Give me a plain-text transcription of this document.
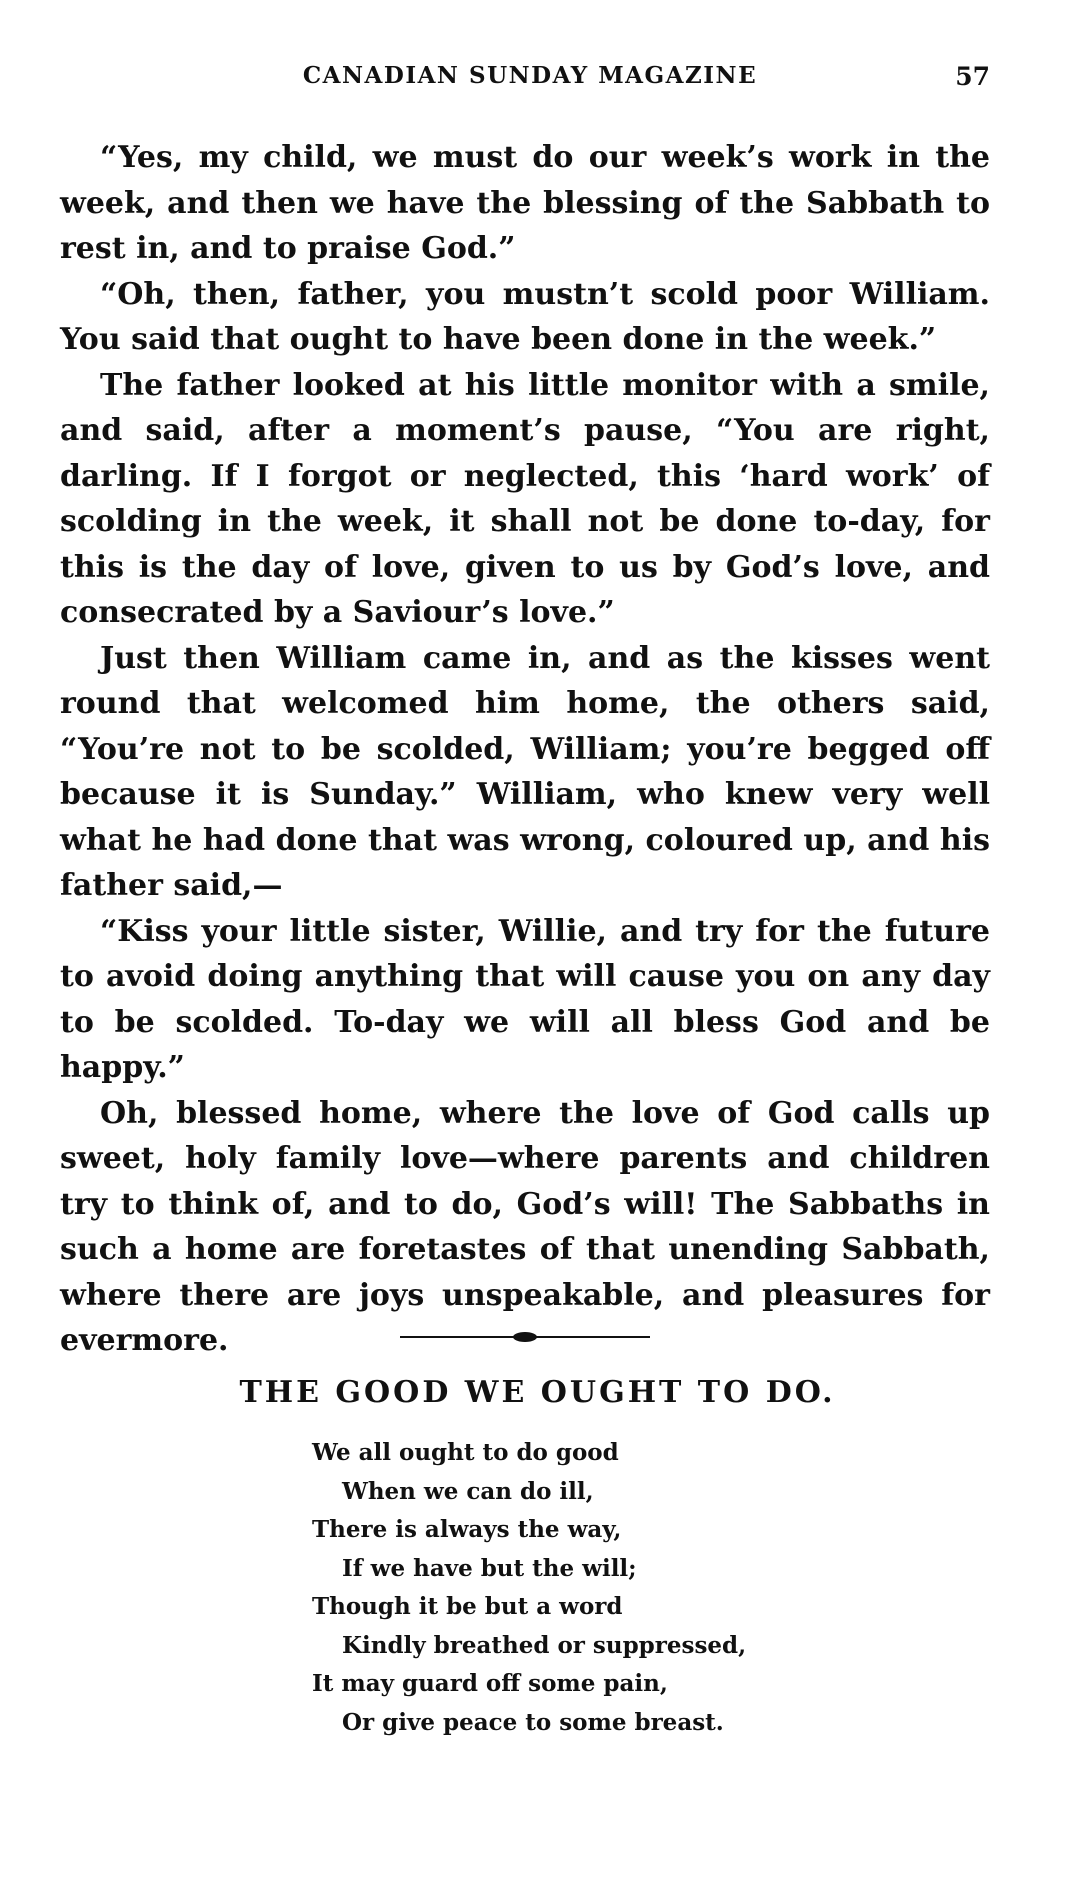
CANADIAN SUNDAY MAGAZINE	57

“Yes, my child, we must do our week’s work in the week, and then we have the blessing of the Sabbath to rest in, and to praise God.”

“Oh, then, father, you mustn’t scold poor William. You said that ought to have been done in the week.”

The father looked at his little monitor with a smile, and said, after a moment’s pause, “You are right, darling. If I forgot or neglected, this ‘hard work’ of scolding in the week, it shall not be done to-day, for this is the day of love, given to us by God’s love, and consecrated by a Saviour’s love.”

Just then William came in, and as the kisses went round that welcomed him home, the others said, “You’re not to be scolded, William; you’re begged off because it is Sunday.” William, who knew very well what he had done that was wrong, coloured up, and his father said,—

“Kiss your little sister, Willie, and try for the future to avoid doing anything that will cause you on any day to be scolded. To-day we will all bless God and be happy.”

Oh, blessed home, where the love of God calls up sweet, holy family love—where parents and children try to think of, and to do, God’s will! The Sabbaths in such a home are foretastes of that unending Sabbath, where there are joys unspeakable, and pleasures for evermore.

THE GOOD WE OUGHT TO DO.
We all ought to do good
When we can do ill,
There is always the way,
If we have but the will;
Though it be but a word
Kindly breathed or suppressed,
It may guard off some pain,
Or give peace to some breast.
